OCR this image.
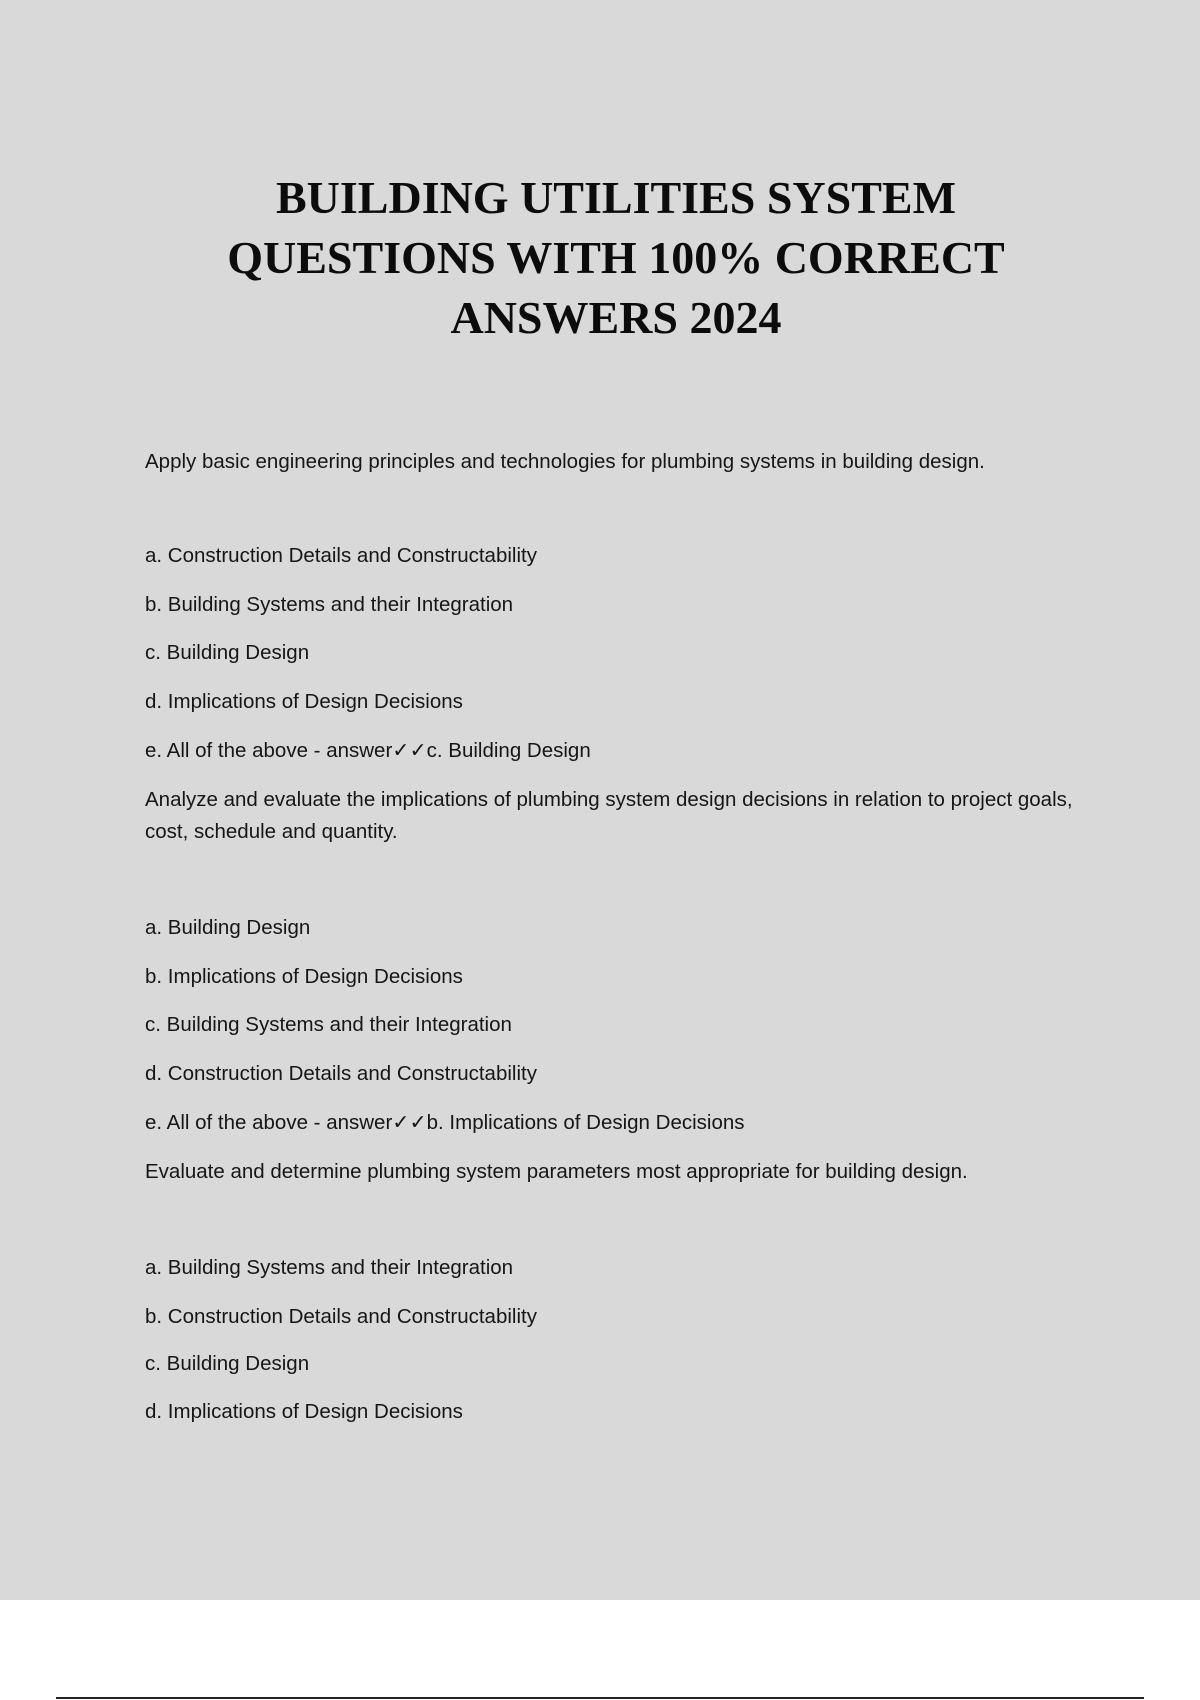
BUILDING UTILITIES SYSTEM
QUESTIONS WITH 100% CORRECT
ANSWERS 2024
Apply basic engineering principles and technologies for plumbing systems in building design.
a. Construction Details and Constructability
b. Building Systems and their Integration
c. Building Design
d. Implications of Design Decisions
e. All of the above - answer✓✓c. Building Design
Analyze and evaluate the implications of plumbing system design decisions in relation to project goals, cost, schedule and quantity.
a. Building Design
b. Implications of Design Decisions
c. Building Systems and their Integration
d. Construction Details and Constructability
e. All of the above - answer✓✓b. Implications of Design Decisions
Evaluate and determine plumbing system parameters most appropriate for building design.
a. Building Systems and their Integration
b. Construction Details and Constructability
c. Building Design
d. Implications of Design Decisions
